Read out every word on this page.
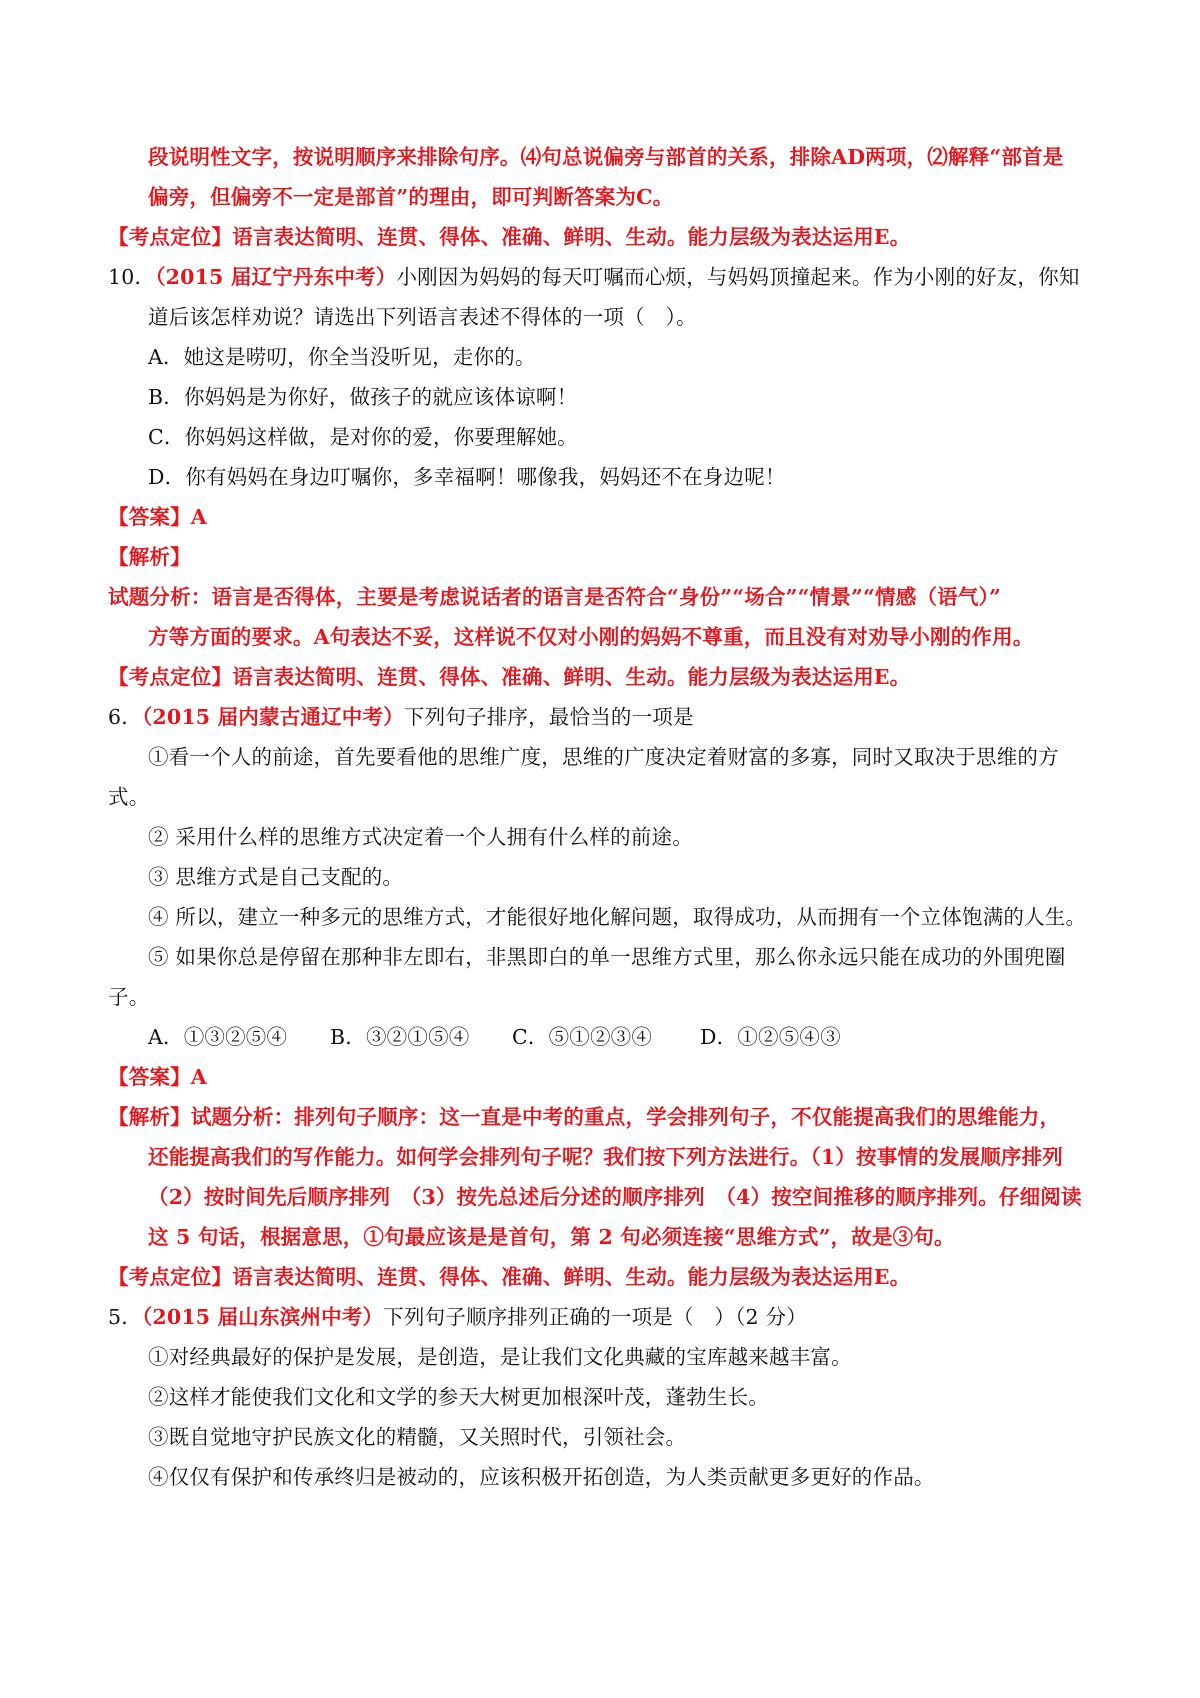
段说明性文字，按说明顺序来排除句序。⑷句总说偏旁与部首的关系，排除AD两项，⑵解释“部首是
偏旁，但偏旁不一定是部首”的理由，即可判断答案为C。
【考点定位】语言表达简明、连贯、得体、准确、鲜明、生动。能力层级为表达运用E。
10．（2015 届辽宁丹东中考）小刚因为妈妈的每天叮嘱而心烦，与妈妈顶撞起来。作为小刚的好友，你知
道后该怎样劝说？请选出下列语言表述不得体的一项（　）。
A．她这是唠叨，你全当没听见，走你的。
B．你妈妈是为你好，做孩子的就应该体谅啊！
C．你妈妈这样做，是对你的爱，你要理解她。
D．你有妈妈在身边叮嘱你，多幸福啊！哪像我，妈妈还不在身边呢！
【答案】A
【解析】
试题分析：语言是否得体，主要是考虑说话者的语言是否符合“身份”“场合”“情景”“情感（语气）”
方等方面的要求。A句表达不妥，这样说不仅对小刚的妈妈不尊重，而且没有对劝导小刚的作用。
【考点定位】语言表达简明、连贯、得体、准确、鲜明、生动。能力层级为表达运用E。
6．（2015 届内蒙古通辽中考）下列句子排序，最恰当的一项是
①看一个人的前途，首先要看他的思维广度，思维的广度决定着财富的多寡，同时又取决于思维的方
式。
② 采用什么样的思维方式决定着一个人拥有什么样的前途。
③ 思维方式是自己支配的。
④ 所以，建立一种多元的思维方式，才能很好地化解问题，取得成功，从而拥有一个立体饱满的人生。
⑤ 如果你总是停留在那种非左即右，非黑即白的单一思维方式里，那么你永远只能在成功的外围兜圈
子。
A．①③②⑤④ B．③②①⑤④ C．⑤①②③④ D．①②⑤④③
【答案】A
【解析】试题分析：排列句子顺序：这一直是中考的重点，学会排列句子，不仅能提高我们的思维能力，
还能提高我们的写作能力。如何学会排列句子呢？我们按下列方法进行。（1）按事情的发展顺序排列
（2）按时间先后顺序排列　（3）按先总述后分述的顺序排列　（4）按空间推移的顺序排列。仔细阅读
这 5 句话，根据意思，①句最应该是是首句，第 2 句必须连接“思维方式”，故是③句。
【考点定位】语言表达简明、连贯、得体、准确、鲜明、生动。能力层级为表达运用E。
5．（2015 届山东滨州中考）下列句子顺序排列正确的一项是（　）（2 分）
①对经典最好的保护是发展，是创造，是让我们文化典藏的宝库越来越丰富。
②这样才能使我们文化和文学的参天大树更加根深叶茂，蓬勃生长。
③既自觉地守护民族文化的精髓，又关照时代，引领社会。
④仅仅有保护和传承终归是被动的，应该积极开拓创造，为人类贡献更多更好的作品。
